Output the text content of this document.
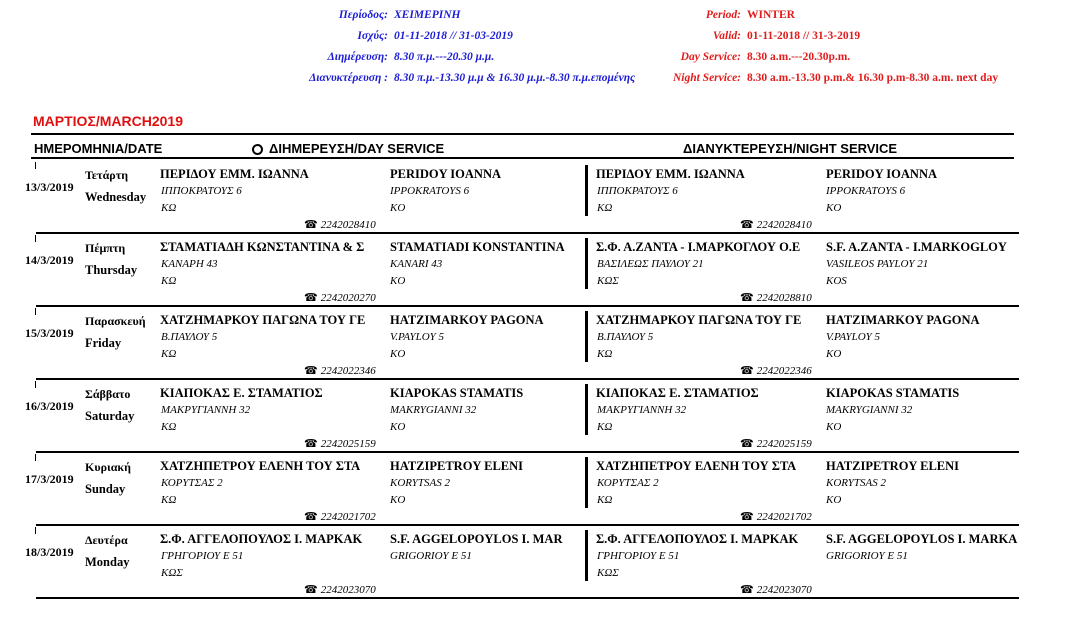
Περίοδος: ΧΕΙΜΕΡΙΝΗ
Ισχύς: 01-11-2018 // 31-03-2019
Διημέρευση: 8.30 π.μ.---20.30 μ.μ.
Διανυκτέρευση : 8.30 π.μ.-13.30 μ.μ & 16.30 μ.μ.-8.30 π.μ.επομένης
Period: WINTER
Valid: 01-11-2018 // 31-3-2019
Day Service: 8.30 a.m.---20.30p.m.
Night Service: 8.30 a.m.-13.30 p.m.& 16.30 p.m-8.30 a.m. next day
ΜΑΡΤΙΟΣ/MARCH2019
ΗΜΕΡΟΜΗΝΙΑ/DATE	ΔΙΗΜΕΡΕΥΣΗ/DAY SERVICE	ΔΙΑΝΥΚΤΕΡΕΥΣΗ/NIGHT SERVICE
13/3/2019
Τετάρτη
Wednesday
ΠΕΡΙΔΟΥ ΕΜΜ. ΙΩΑΝΝΑ
ΙΠΠΟΚΡΑΤΟΥΣ 6
ΚΩ
PERIDOY IOANNA
IPPOKRATOYS 6
KO
☎ 2242028410
ΠΕΡΙΔΟΥ ΕΜΜ. ΙΩΑΝΝΑ
ΙΠΠΟΚΡΑΤΟΥΣ 6
ΚΩ
PERIDOY IOANNA
IPPOKRATOYS 6
KO
☎ 2242028410
14/3/2019
Πέμπτη
Thursday
ΣΤΑΜΑΤΙΑΔΗ ΚΩΝΣΤΑΝΤΙΝΑ & Σ
ΚΑΝΑΡΗ 43
ΚΩ
STAMATIADI KONSTANTINA
KANARI 43
KO
☎ 2242020270
Σ.Φ. Α.ΖΑΝΤΑ - Ι.ΜΑΡΚΟΓΛΟΥ Ο.Ε
ΒΑΣΙΛΕΩΣ ΠΑΥΛΟΥ 21
ΚΩΣ
S.F. A.ZANTA - I.MARKOGLOY
VASILEOS PAYLOY 21
KOS
☎ 2242028810
15/3/2019
Παρασκευή
Friday
ΧΑΤΖΗΜΑΡΚΟΥ ΠΑΓΩΝΑ ΤΟΥ ΓΕ
Β.ΠΑΥΛΟΥ 5
ΚΩ
HATZIMARKOY PAGONA
V.PAYLOY 5
KO
☎ 2242022346
ΧΑΤΖΗΜΑΡΚΟΥ ΠΑΓΩΝΑ ΤΟΥ ΓΕ
Β.ΠΑΥΛΟΥ 5
ΚΩ
HATZIMARKOY PAGONA
V.PAYLOY 5
KO
☎ 2242022346
16/3/2019
Σάββατο
Saturday
ΚΙΑΠΟΚΑΣ Ε. ΣΤΑΜΑΤΙΟΣ
ΜΑΚΡΥΓΙΑΝΝΗ 32
ΚΩ
KIAPOKAS STAMATIS
MAKRYGIANNI 32
KO
☎ 2242025159
ΚΙΑΠΟΚΑΣ Ε. ΣΤΑΜΑΤΙΟΣ
ΜΑΚΡΥΓΙΑΝΝΗ 32
ΚΩ
KIAPOKAS STAMATIS
MAKRYGIANNI 32
KO
☎ 2242025159
17/3/2019
Κυριακή
Sunday
ΧΑΤΖΗΠΕΤΡΟΥ ΕΛΕΝΗ ΤΟΥ ΣΤΑ
ΚΟΡΥΤΣΑΣ 2
ΚΩ
HATZIPETROY ELENI
KORYTSAS 2
KO
☎ 2242021702
ΧΑΤΖΗΠΕΤΡΟΥ ΕΛΕΝΗ ΤΟΥ ΣΤΑ
ΚΟΡΥΤΣΑΣ 2
ΚΩ
HATZIPETROY ELENI
KORYTSAS 2
KO
☎ 2242021702
18/3/2019
Δευτέρα
Monday
Σ.Φ. ΑΓΓΕΛΟΠΟΥΛΟΣ Ι. ΜΑΡΚΑΚ
ΓΡΗΓΟΡΙΟΥ Ε 51
ΚΩΣ
S.F. AGGELOPOYLOS I. MAR
GRIGORIOY E 51
☎ 2242023070
Σ.Φ. ΑΓΓΕΛΟΠΟΥΛΟΣ Ι. ΜΑΡΚΑΚ
ΓΡΗΓΟΡΙΟΥ Ε 51
ΚΩΣ
S.F. AGGELOPOYLOS I. MARKA
GRIGORIOY E 51
☎ 2242023070
